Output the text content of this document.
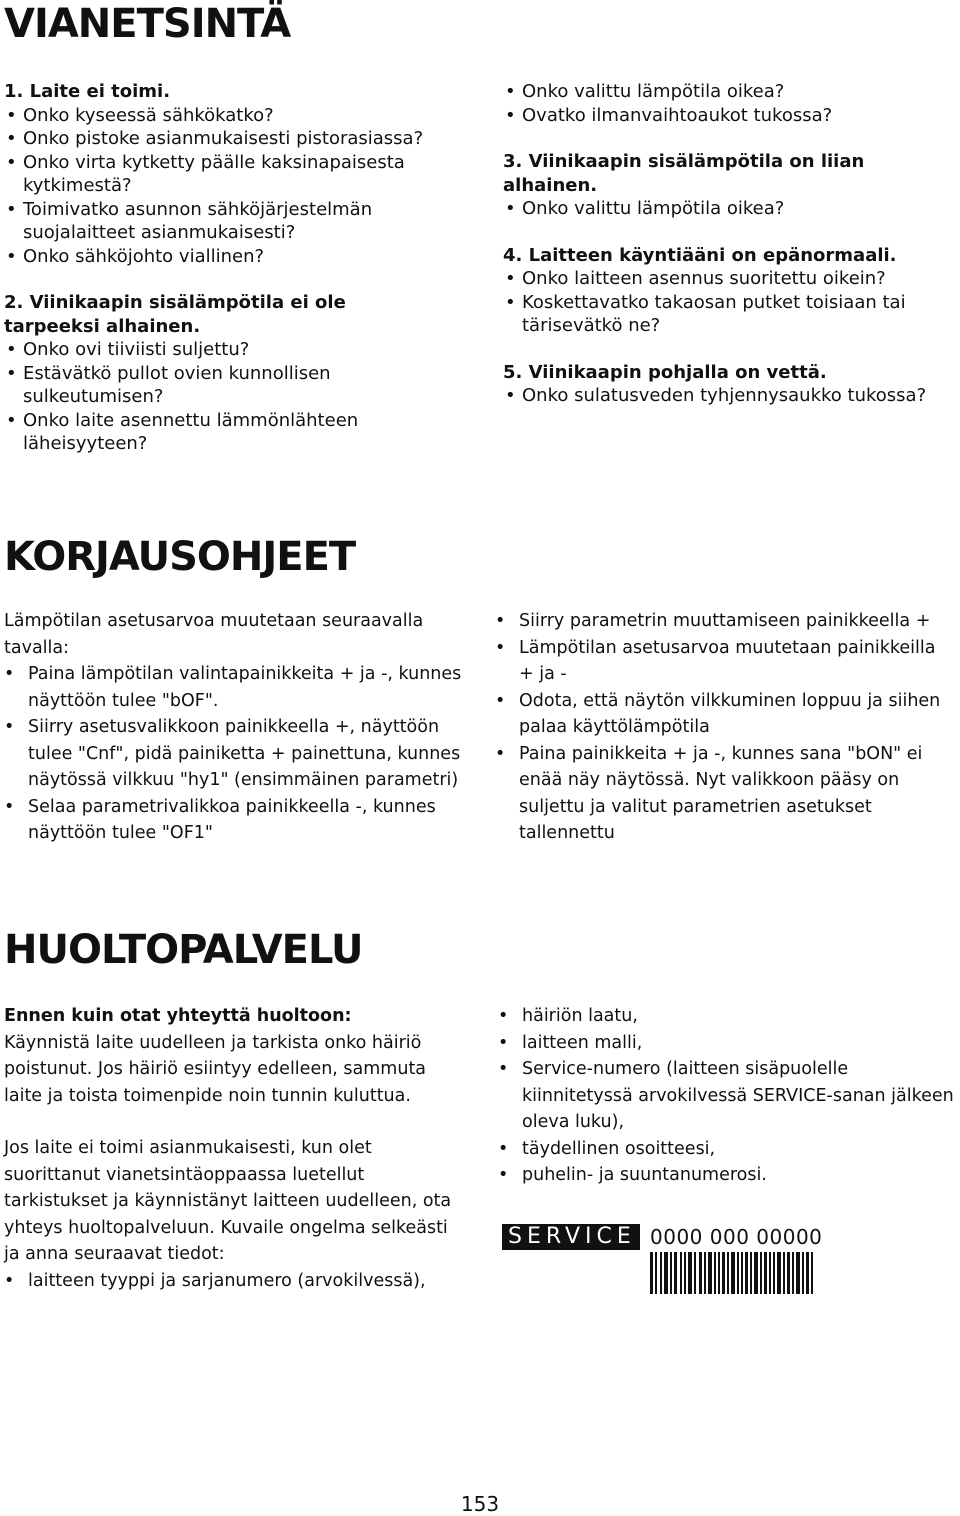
VIANETSINTÄ

1. Laite ei toimi.

• Onko kyseessä sähkökatko?

• Onko pistoke asianmukaisesti pistorasiassa?

• Onko virta kytketty päälle kaksinapaisesta kytkimestä?

• Toimivatko asunnon sähköjärjestelmän suojalaitteet asianmukaisesti?

• Onko sähköjohto viallinen?

2. Viinikaapin sisälämpötila ei ole tarpeeksi alhainen.

• Onko ovi tiiviisti suljettu?

• Estävätkö pullot ovien kunnollisen sulkeutumisen?

• Onko laite asennettu lämmönlähteen läheisyyteen?

• Onko valittu lämpötila oikea?

• Ovatko ilmanvaihtoaukot tukossa?

3. Viinikaapin sisälämpötila on liian alhainen.

• Onko valittu lämpötila oikea?

4. Laitteen käyntiääni on epänormaali.

• Onko laitteen asennus suoritettu oikein?

• Koskettavatko takaosan putket toisiaan tai tärisevätkö ne?

5. Viinikaapin pohjalla on vettä.

• Onko sulatusveden tyhjennysaukko tukossa?

KORJAUSOHJEET

Lämpötilan asetusarvoa muutetaan seuraavalla tavalla:

• Paina lämpötilan valintapainikkeita + ja -, kunnes näyttöön tulee "bOF".

• Siirry asetusvalikkoon painikkeella +, näyttöön tulee "Cnf", pidä painiketta + painettuna, kunnes näytössä vilkkuu "hy1" (ensimmäinen parametri)

• Selaa parametrivalikkoa painikkeella -, kunnes näyttöön tulee "OF1"

• Siirry parametrin muuttamiseen painikkeella +

• Lämpötilan asetusarvoa muutetaan painikkeilla + ja -

• Odota, että näytön vilkkuminen loppuu ja siihen palaa käyttölämpötila

• Paina painikkeita + ja -, kunnes sana "bON" ei enää näy näytössä. Nyt valikkoon pääsy on suljettu ja valitut parametrien asetukset tallennettu

HUOLTOPALVELU

Ennen kuin otat yhteyttä huoltoon:

Käynnistä laite uudelleen ja tarkista onko häiriö poistunut. Jos häiriö esiintyy edelleen, sammuta laite ja toista toimenpide noin tunnin kuluttua.

Jos laite ei toimi asianmukaisesti, kun olet suorittanut vianetsintäoppaassa luetellut tarkistukset ja käynnistänyt laitteen uudelleen, ota yhteys huoltopalveluun. Kuvaile ongelma selkeästi ja anna seuraavat tiedot:

• laitteen tyyppi ja sarjanumero (arvokilvessä),

• häiriön laatu,

• laitteen malli,

• Service-numero (laitteen sisäpuolelle kiinnitetyssä arvokilvessä SERVICE-sanan jälkeen oleva luku),

• täydellinen osoitteesi,

• puhelin- ja suuntanumerosi.

SERVICE 0000 000 00000
153
